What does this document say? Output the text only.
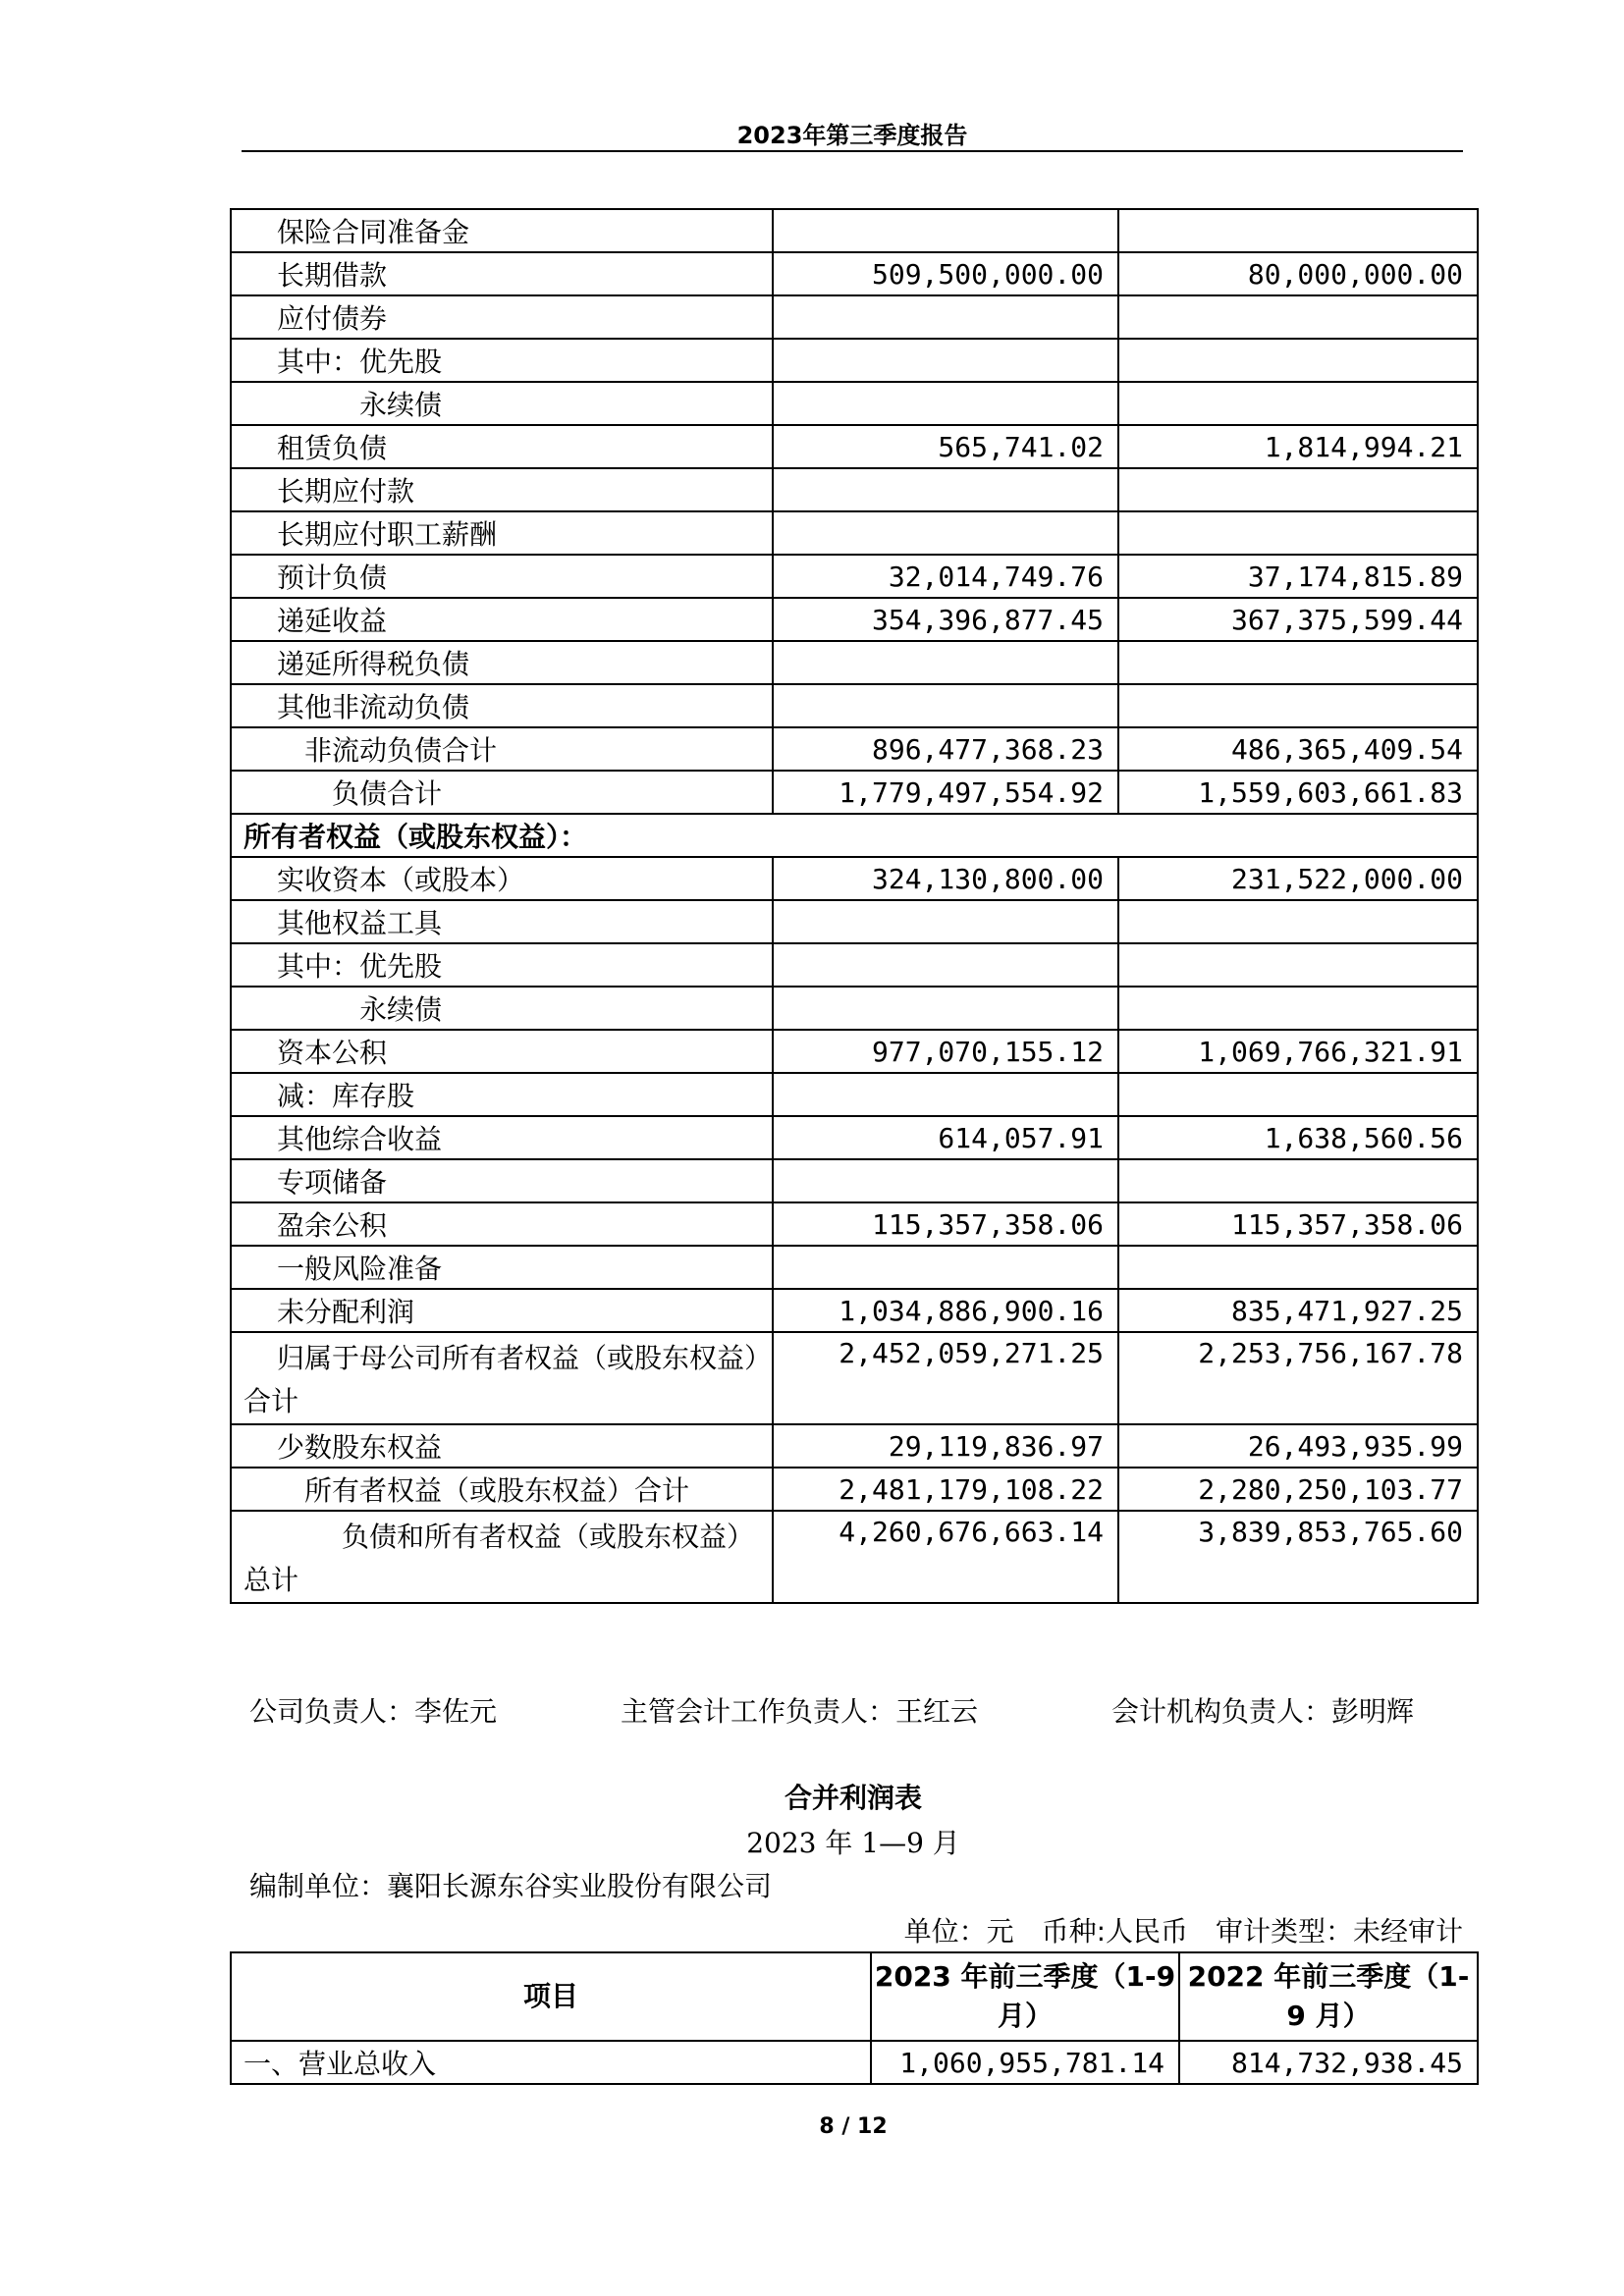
2023年第三季度报告
保险合同准备金		
长期借款	509,500,000.00	80,000,000.00
应付债券		
其中：优先股		
永续债		
租赁负债	565,741.02	1,814,994.21
长期应付款		
长期应付职工薪酬		
预计负债	32,014,749.76	37,174,815.89
递延收益	354,396,877.45	367,375,599.44
递延所得税负债		
其他非流动负债		
非流动负债合计	896,477,368.23	486,365,409.54
负债合计	1,779,497,554.92	1,559,603,661.83
所有者权益（或股东权益）：		
实收资本（或股本）	324,130,800.00	231,522,000.00
其他权益工具		
其中：优先股		
永续债		
资本公积	977,070,155.12	1,069,766,321.91
减：库存股		
其他综合收益	614,057.91	1,638,560.56
专项储备		
盈余公积	115,357,358.06	115,357,358.06
一般风险准备		
未分配利润	1,034,886,900.16	835,471,927.25
归属于母公司所有者权益（或股东权益）合计	2,452,059,271.25	2,253,756,167.78
少数股东权益	29,119,836.97	26,493,935.99
所有者权益（或股东权益）合计	2,481,179,108.22	2,280,250,103.77
负债和所有者权益（或股东权益）总计	4,260,676,663.14	3,839,853,765.60
公司负责人：李佐元	主管会计工作负责人：王红云	会计机构负责人：彭明辉
合并利润表
2023 年 1—9 月
编制单位：襄阳长源东谷实业股份有限公司
单位：元　币种:人民币　审计类型：未经审计
项目	2023 年前三季度（1-9月）	2022 年前三季度（1-9 月）
一、营业总收入	1,060,955,781.14	814,732,938.45
8 / 12
